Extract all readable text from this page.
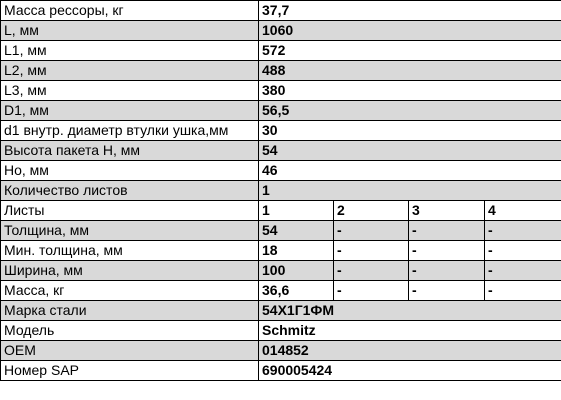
Масса рессоры, кг	37,7			
L, мм	1060			
L1, мм	572			
L2, мм	488			
L3, мм	380			
D1, мм	56,5			
d1 внутр. диаметр втулки ушка,мм	30			
Высота пакета H, мм	54			
Ho, мм	46			
Количество листов	1			
Листы	1	2	3	4
Толщина, мм	54	-	-	-
Мин. толщина, мм	18	-	-	-
Ширина, мм	100	-	-	-
Масса, кг	36,6	-	-	-
Марка стали	54Х1Г1ФМ			
Модель	Schmitz			
OEM	014852			
Номер SAP	690005424			
